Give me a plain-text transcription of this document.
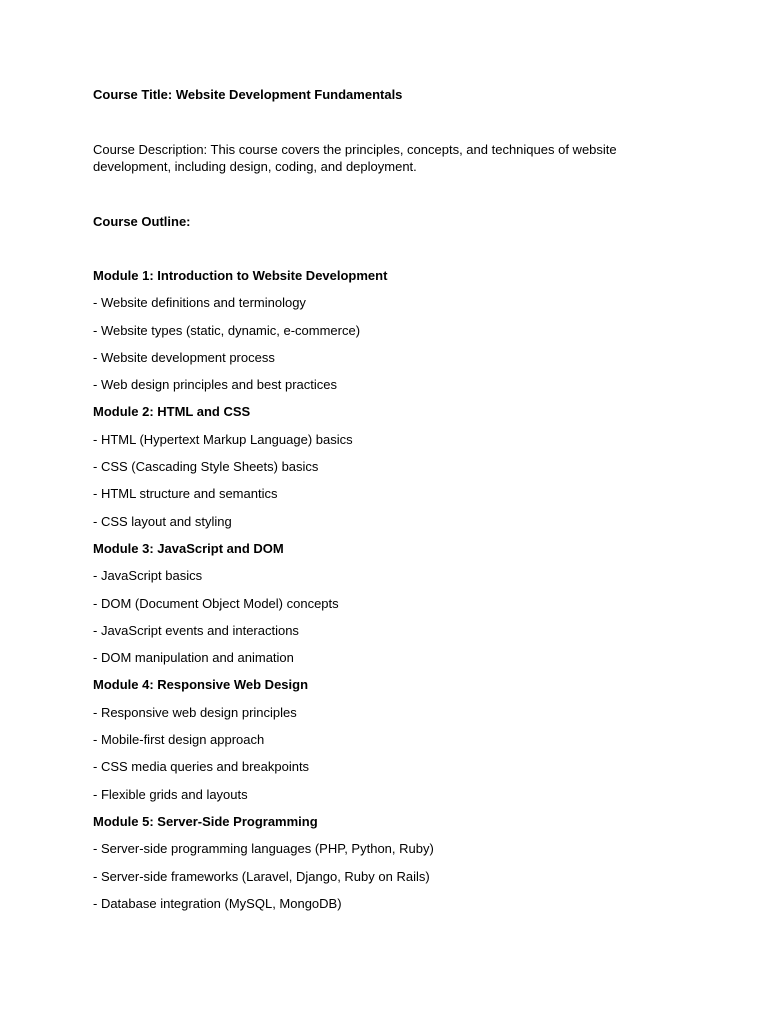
Course Title: Website Development Fundamentals
Course Description: This course covers the principles, concepts, and techniques of website development, including design, coding, and deployment.
Course Outline:
Module 1: Introduction to Website Development
- Website definitions and terminology
- Website types (static, dynamic, e-commerce)
- Website development process
- Web design principles and best practices
Module 2: HTML and CSS
- HTML (Hypertext Markup Language) basics
- CSS (Cascading Style Sheets) basics
- HTML structure and semantics
- CSS layout and styling
Module 3: JavaScript and DOM
- JavaScript basics
- DOM (Document Object Model) concepts
- JavaScript events and interactions
- DOM manipulation and animation
Module 4: Responsive Web Design
- Responsive web design principles
- Mobile-first design approach
- CSS media queries and breakpoints
- Flexible grids and layouts
Module 5: Server-Side Programming
- Server-side programming languages (PHP, Python, Ruby)
- Server-side frameworks (Laravel, Django, Ruby on Rails)
- Database integration (MySQL, MongoDB)
